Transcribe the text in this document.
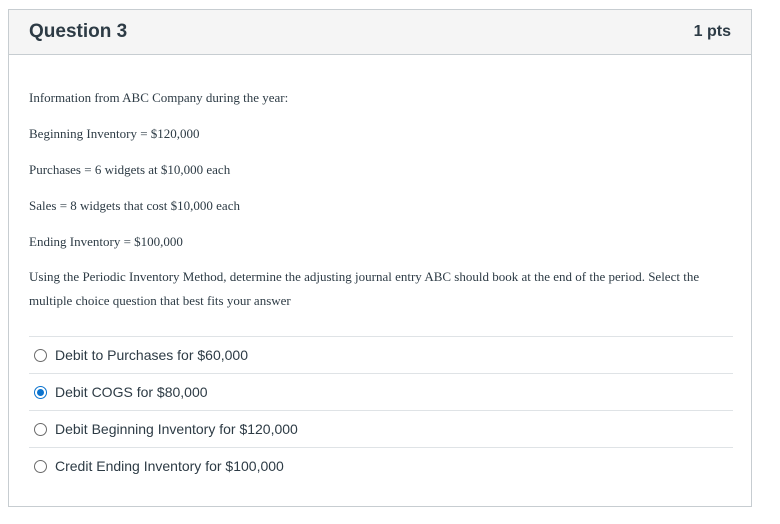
Question 3	1 pts
Information from ABC Company during the year:
Beginning Inventory = $120,000
Purchases = 6 widgets at $10,000 each
Sales = 8 widgets that cost $10,000 each
Ending Inventory = $100,000
Using the Periodic Inventory Method, determine the adjusting journal entry ABC should book at the end of the period. Select the multiple choice question that best fits your answer
Debit to Purchases for $60,000
Debit COGS for $80,000
Debit Beginning Inventory for $120,000
Credit Ending Inventory for $100,000
